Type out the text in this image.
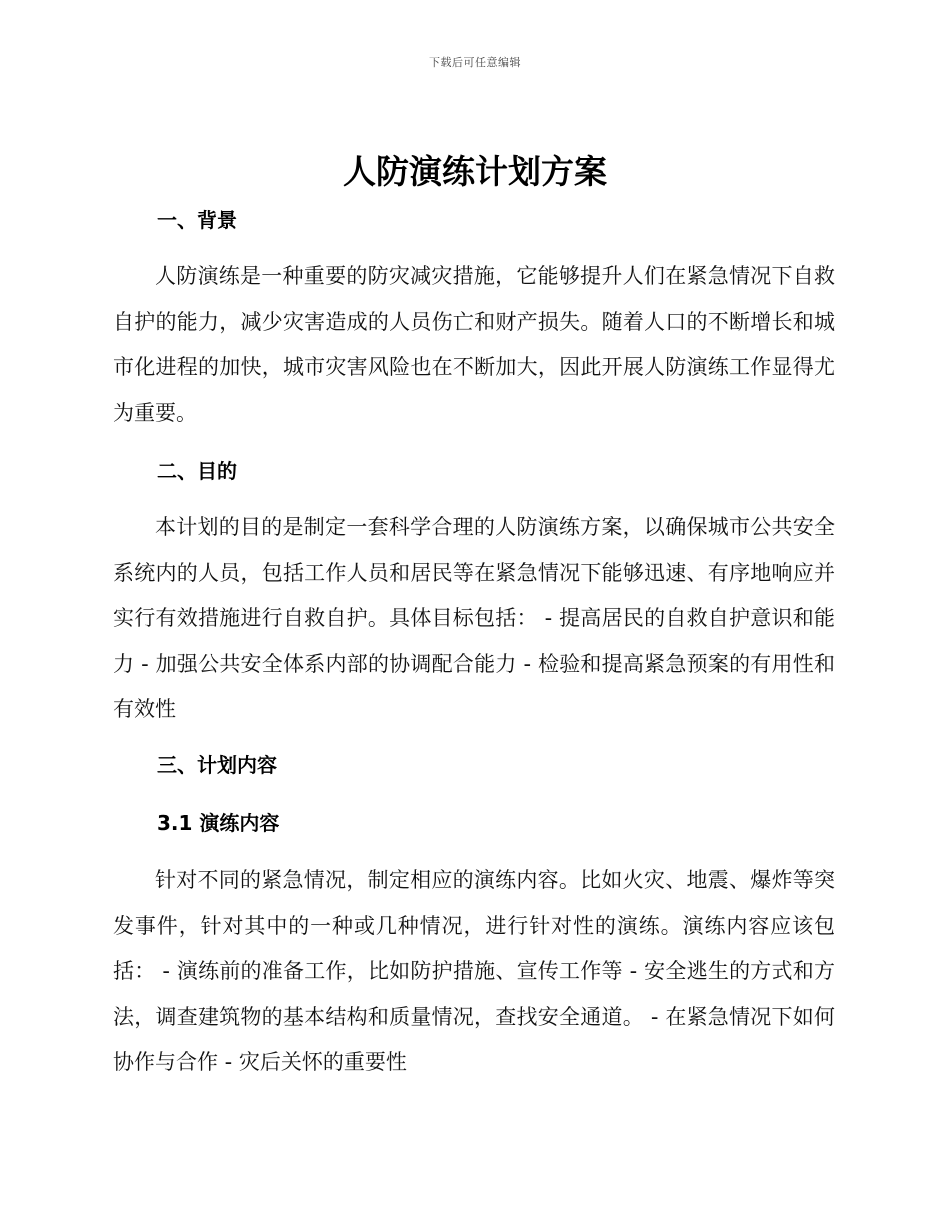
下载后可任意编辑
人防演练计划方案
一、背景

人防演练是一种重要的防灾减灾措施，它能够提升人们在紧急情况下自救自护的能力，减少灾害造成的人员伤亡和财产损失。随着人口的不断增长和城市化进程的加快，城市灾害风险也在不断加大，因此开展人防演练工作显得尤为重要。

二、目的

本计划的目的是制定一套科学合理的人防演练方案，以确保城市公共安全系统内的人员，包括工作人员和居民等在紧急情况下能够迅速、有序地响应并实行有效措施进行自救自护。具体目标包括： - 提高居民的自救自护意识和能力 - 加强公共安全体系内部的协调配合能力 - 检验和提高紧急预案的有用性和有效性

三、计划内容
3.1 演练内容

针对不同的紧急情况，制定相应的演练内容。比如火灾、地震、爆炸等突发事件，针对其中的一种或几种情况，进行针对性的演练。演练内容应该包括： - 演练前的准备工作，比如防护措施、宣传工作等 - 安全逃生的方式和方法，调查建筑物的基本结构和质量情况，查找安全通道。 - 在紧急情况下如何协作与合作 - 灾后关怀的重要性
